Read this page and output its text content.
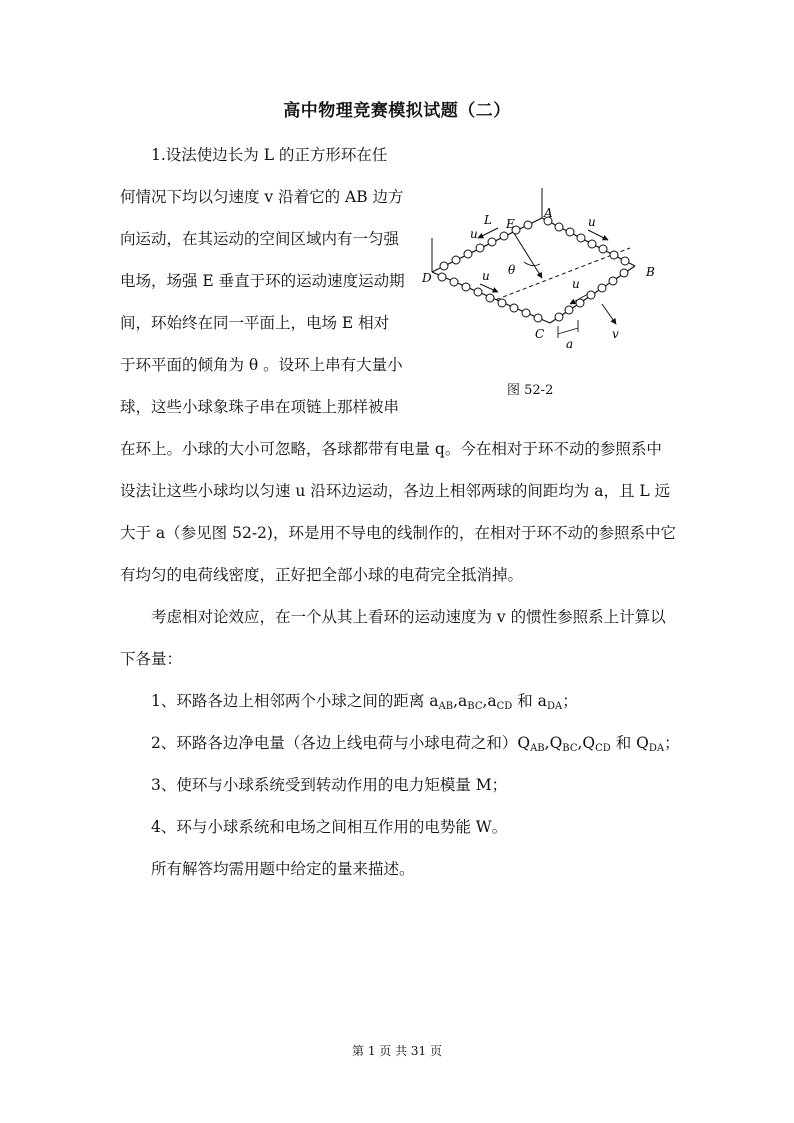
高中物理竞赛模拟试题（二）
1.设法使边长为 L 的正方形环在任
何情况下均以匀速度 v 沿着它的 AB 边方
向运动，在其运动的空间区域内有一匀强
电场，场强 E 垂直于环的运动速度运动期
间，环始终在同一平面上，电场 E 相对
于环平面的倾角为 θ 。设环上串有大量小
球，这些小球象珠子串在项链上那样被串
在环上。小球的大小可忽略，各球都带有电量 q。今在相对于环不动的参照系中
设法让这些小球均以匀速 u 沿环边运动，各边上相邻两球的间距均为 a，且 L 远
大于 a（参见图 52-2)，环是用不导电的线制作的，在相对于环不动的参照系中它
有均匀的电荷线密度，正好把全部小球的电荷完全抵消掉。
考虑相对论效应，在一个从其上看环的运动速度为 v 的惯性参照系上计算以
下各量：
1、环路各边上相邻两个小球之间的距离 $a_{AB},a_{BC},a_{CD}$ 和 $a_{DA}$；
2、环路各边净电量（各边上线电荷与小球电荷之和）$Q_{AB},Q_{BC},Q_{CD}$ 和 $Q_{DA}$；
3、使环与小球系统受到转动作用的电力矩模量 M；
4、环与小球系统和电场之间相互作用的电势能 W。
所有解答均需用题中给定的量来描述。
A
B
C
D
E
L
θ
u
u
u
u
v
a
图 52-2
第 1 页 共 31 页
